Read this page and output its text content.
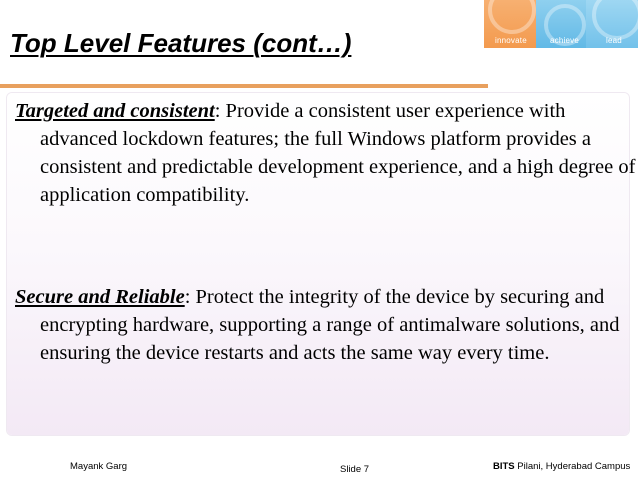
innovate	achieve	lead
Top Level Features (cont…)

Targeted and consistent: Provide a consistent user experience with advanced lockdown features; the full Windows platform provides a consistent and predictable development experience, and a high degree of application compatibility.

Secure and Reliable: Protect the integrity of the device by securing and encrypting hardware, supporting a range of antimalware solutions, and ensuring the device restarts and acts the same way every time.

Mayank Garg	Slide 7	BITS Pilani, Hyderabad Campus
